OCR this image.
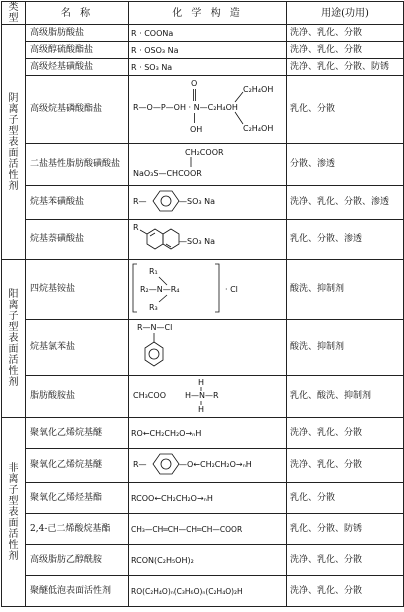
类型	名 称	化 学 构 造	用途(功用)

阴离子型表面活性剂	高级脂肪酸盐	R · COONa	洗净、乳化、分散
	高级醇硫酸酯盐	R · OSO₃ Na	洗净、乳化、分散
	高级烃基磺酸盐	R · SO₃ Na	洗净、乳化、分散、防锈
	高级烷基磷酸酯盐	O
R—O—P—OH · N—C₂H₄OH
OH
C₂H₄OH
C₂H₄OH	乳化、分散
	二盐基性脂肪酸磺酸盐	CH₂COOR
NaO₃S—CHCOOR	分散、渗透
	烷基苯磺酸盐	R— —SO₃ Na	洗净、乳化、分散、渗透
	烷基萘磺酸盐	R
—SO₃ Na	乳化、分散、渗透

阳离子型表面活性剂	四烷基铵盐	R₁
R₂—N—R₄
R₃
· Cl	酸洗、抑制剂
	烷基氯苯盐	R—N—Cl	酸洗、抑制剂
	脂肪酸胺盐	CH₃COO
H
H—N—R
H	乳化、酸洗、抑制剂

非离子型表面活性剂	聚氧化乙烯烷基醚	RO←CH₂CH₂O→ₙH	洗净、乳化、分散
	聚氧化乙烯烷基醚	R— —O←CH₂CH₂O→ₙH	洗净、乳化、分散
	聚氧化乙烯烃基酯	RCOO←CH₂CH₂O→ₙH	乳化、分散
	2,4-己二烯酸烷基酯	CH₃—CH═CH—CH═CH—COOR	乳化、分散、防锈
	高级脂肪乙醇酰胺	RCON(C₂H₅OH)₂	洗净、乳化、分散
	聚醚低泡表面活性剂	RO(C₂H₄O)ₙ(C₃H₆O)ₙ(C₂H₄O)₂H	洗净、乳化、分散
